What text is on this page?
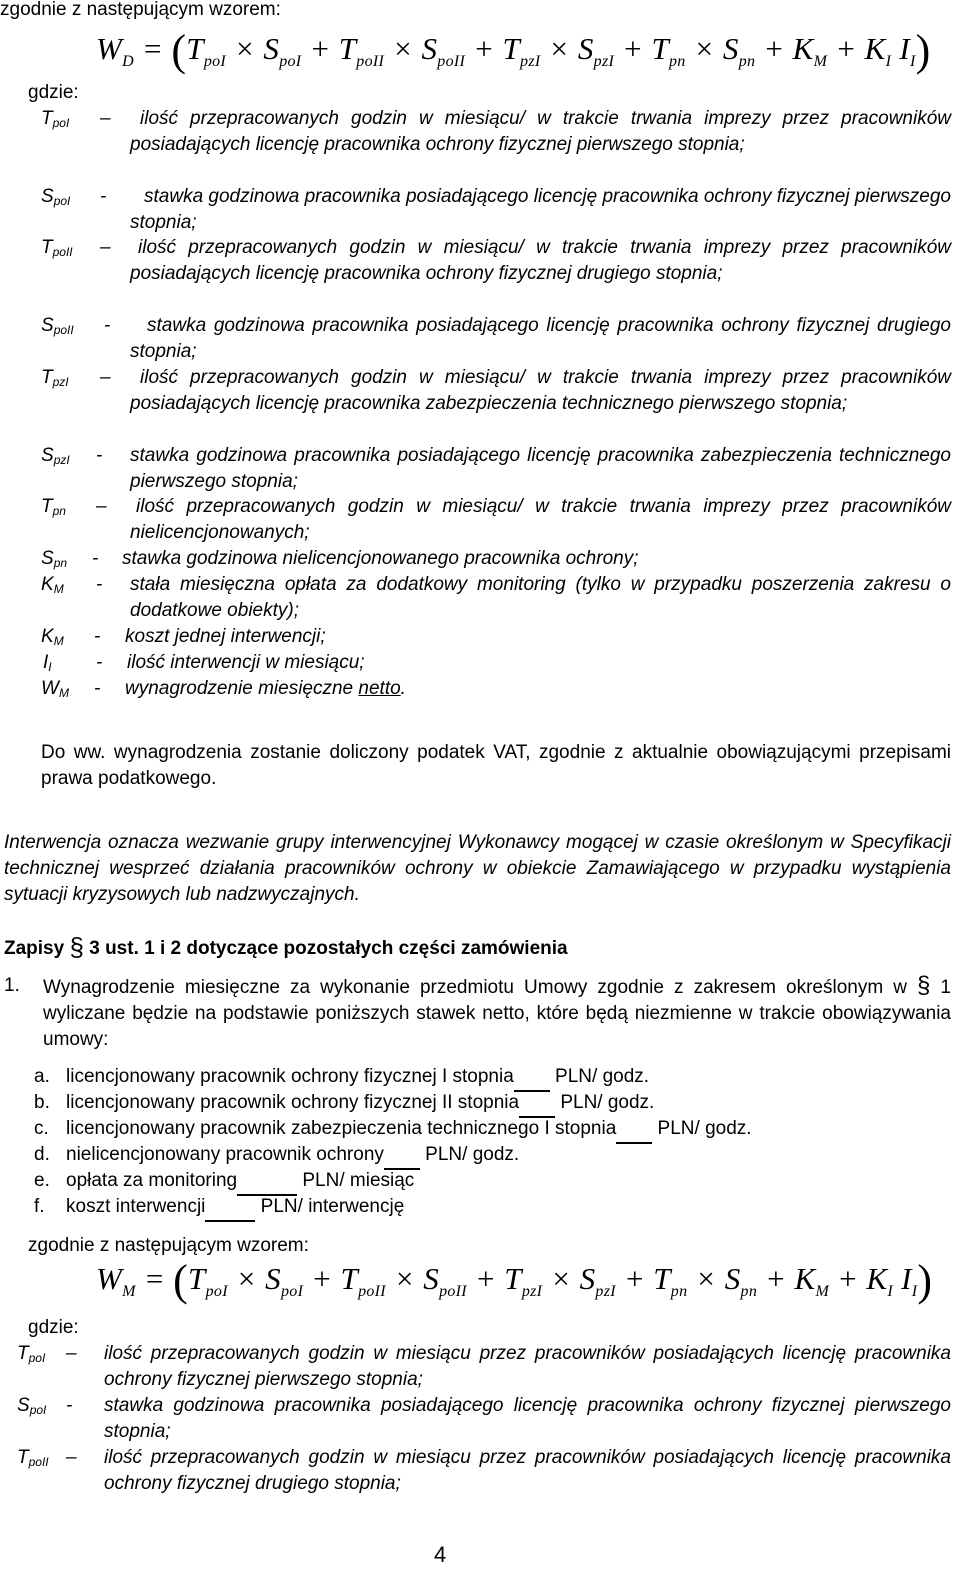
zgodnie z następującym wzorem:
$W_D = (T_{poI} \times S_{poI} + T_{poII} \times S_{poII} + T_{pzI} \times S_{pzI} + T_{pn} \times S_{pn} + K_M + K_I$ $I_I$)
gdzie:
$T_{poI}$ –	ilość przepracowanych godzin w miesiącu/ w trakcie trwania imprezy przez pracowników posiadających licencję pracownika ochrony fizycznej pierwszego stopnia;
$S_{poI}$ -	stawka godzinowa pracownika posiadającego licencję pracownika ochrony fizycznej pierwszego stopnia;
$T_{poII}$ –	ilość przepracowanych godzin w miesiącu/ w trakcie trwania imprezy przez pracowników posiadających licencję pracownika ochrony fizycznej drugiego stopnia;
$S_{poII}$ -	stawka godzinowa pracownika posiadającego licencję pracownika ochrony fizycznej drugiego stopnia;
$T_{pzI}$ –	ilość przepracowanych godzin w miesiącu/ w trakcie trwania imprezy przez pracowników posiadających licencję pracownika zabezpieczenia technicznego pierwszego stopnia;
$S_{pzI}$ - stawka godzinowa pracownika posiadającego licencję pracownika zabezpieczenia technicznego pierwszego stopnia;
$T_{pn}$ –	ilość przepracowanych godzin w miesiącu/ w trakcie trwania imprezy przez pracowników nielicencjonowanych;
$S_{pn}$ - stawka godzinowa nielicencjonowanego pracownika ochrony;
$K_M$ - stała miesięczna opłata za dodatkowy monitoring (tylko w przypadku poszerzenia zakresu o dodatkowe obiekty);
$K_M$ - koszt jednej interwencji;
$I_I$ - ilość interwencji w miesiącu;
$W_M$ - wynagrodzenie miesięczne netto.
Do ww. wynagrodzenia zostanie doliczony podatek VAT, zgodnie z aktualnie obowiązującymi przepisami prawa podatkowego.
Interwencja oznacza wezwanie grupy interwencyjnej Wykonawcy mogącej w czasie określonym w Specyfikacji technicznej wesprzeć działania pracowników ochrony w obiekcie Zamawiającego w przypadku wystąpienia sytuacji kryzysowych lub nadzwyczajnych.
Zapisy § 3 ust. 1 i 2 dotyczące pozostałych części zamówienia
1. Wynagrodzenie miesięczne za wykonanie przedmiotu Umowy zgodnie z zakresem określonym w § 1 wyliczane będzie na podstawie poniższych stawek netto, które będą niezmienne w trakcie obowiązywania umowy:
a. licencjonowany pracownik ochrony fizycznej I stopnia  PLN/ godz.
b. licencjonowany pracownik ochrony fizycznej II stopnia  PLN/ godz.
c. licencjonowany pracownik zabezpieczenia technicznego I stopnia  PLN/ godz.
d. nielicencjonowany pracownik ochrony  PLN/ godz.
e. opłata za monitoring	PLN/ miesiąc
f. koszt interwencji	PLN/ interwencję
zgodnie z następującym wzorem:
$W_M = (T_{poI} \times S_{poI} + T_{poII} \times S_{poII} + T_{pzI} \times S_{pzI} + T_{pn} \times S_{pn} + K_M + K_I$ $I_I$)
gdzie:
$T_{poI}$ – ilość przepracowanych godzin w miesiącu przez pracowników posiadających licencję pracownika ochrony fizycznej pierwszego stopnia;
$S_{poI}$ - stawka godzinowa pracownika posiadającego licencję pracownika ochrony fizycznej pierwszego stopnia;
$T_{poII}$ – ilość przepracowanych godzin w miesiącu przez pracowników posiadających licencję pracownika ochrony fizycznej drugiego stopnia;
4
